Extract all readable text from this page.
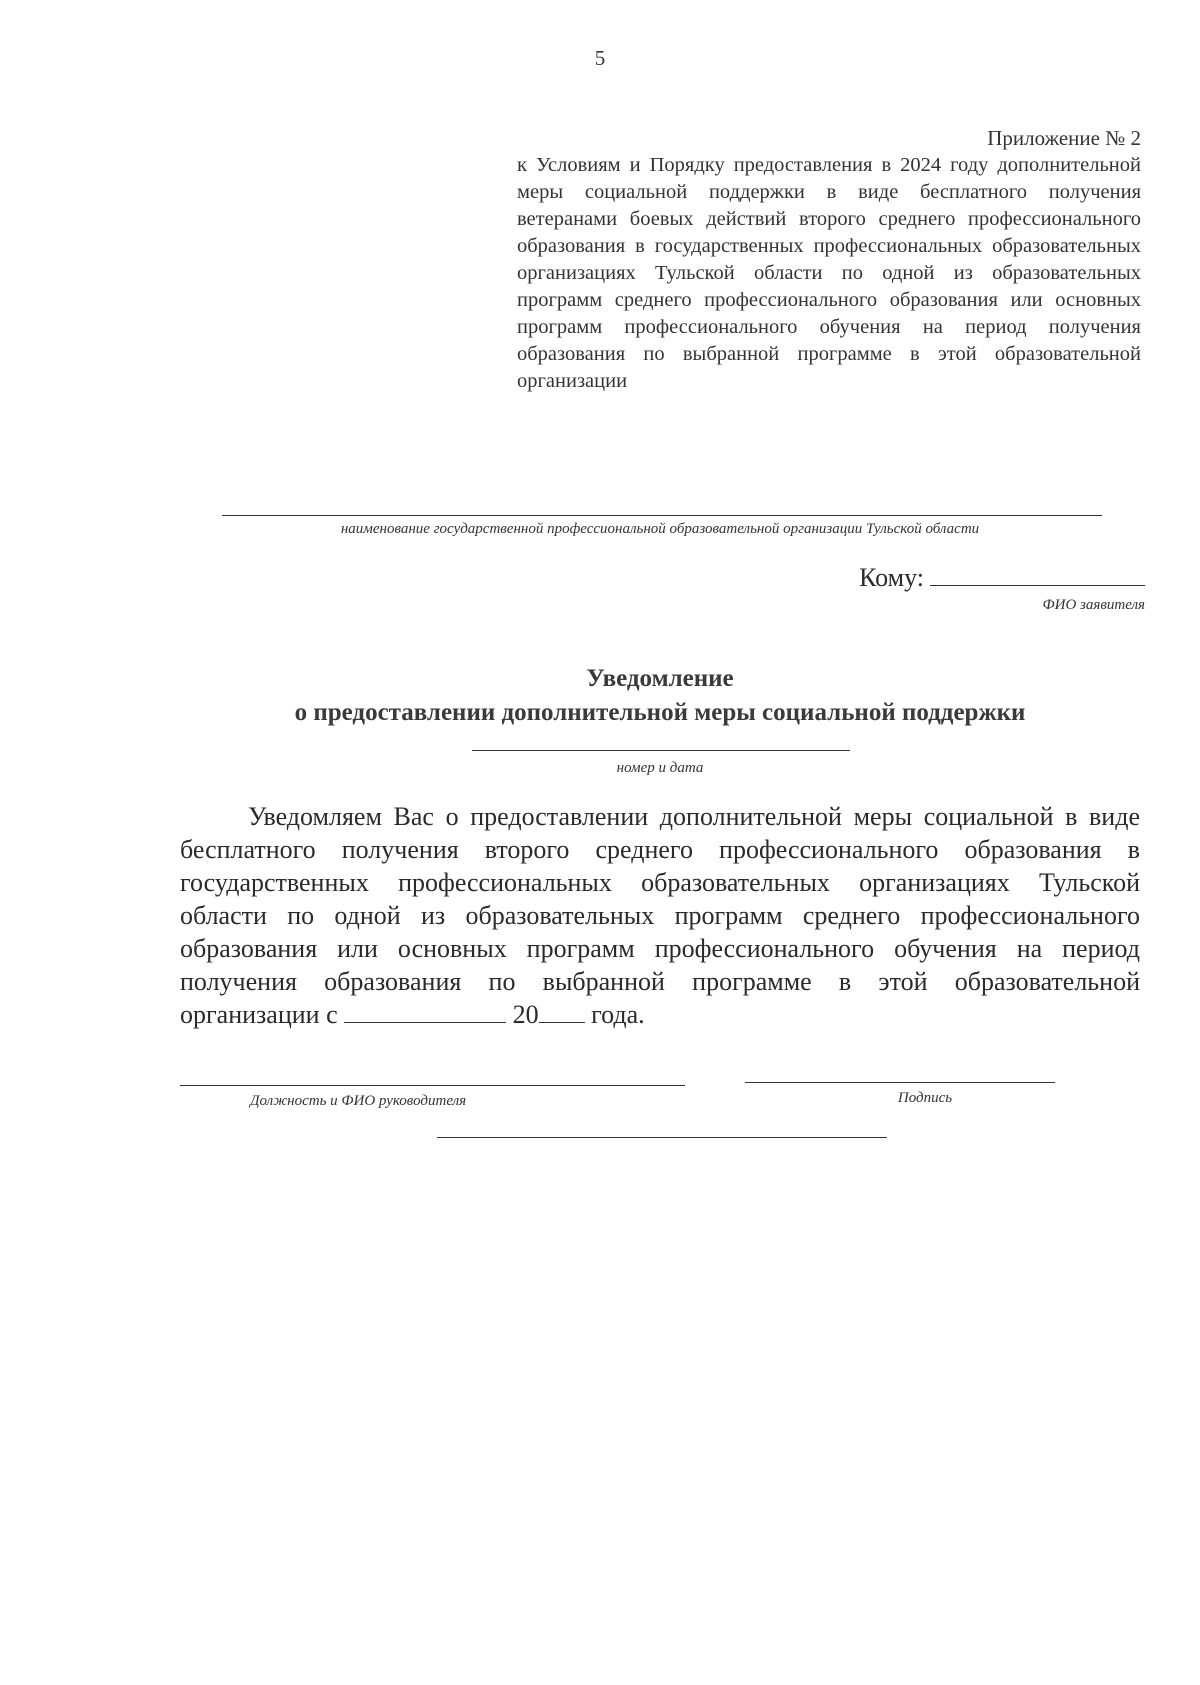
5
Приложение № 2
к Условиям и Порядку предоставления в 2024 году дополнительной меры социальной поддержки в виде бесплатного получения ветеранами боевых действий второго среднего профессионального образования в государственных профессиональных образовательных организациях Тульской области по одной из образовательных программ среднего профессионального образования или основных программ профессионального обучения на период получения образования по выбранной программе в этой образовательной организации
наименование государственной профессиональной образовательной организации Тульской области
Кому:
ФИО заявителя
Уведомление
о предоставлении дополнительной меры социальной поддержки
номер и дата
Уведомляем Вас о предоставлении дополнительной меры социальной в виде бесплатного получения второго среднего профессионального образования в государственных профессиональных образовательных организациях Тульской области по одной из образовательных программ среднего профессионального образования или основных программ профессионального обучения на период получения образования по выбранной программе в этой образовательной организации с	20 года.
Должность и ФИО руководителя	Подпись
